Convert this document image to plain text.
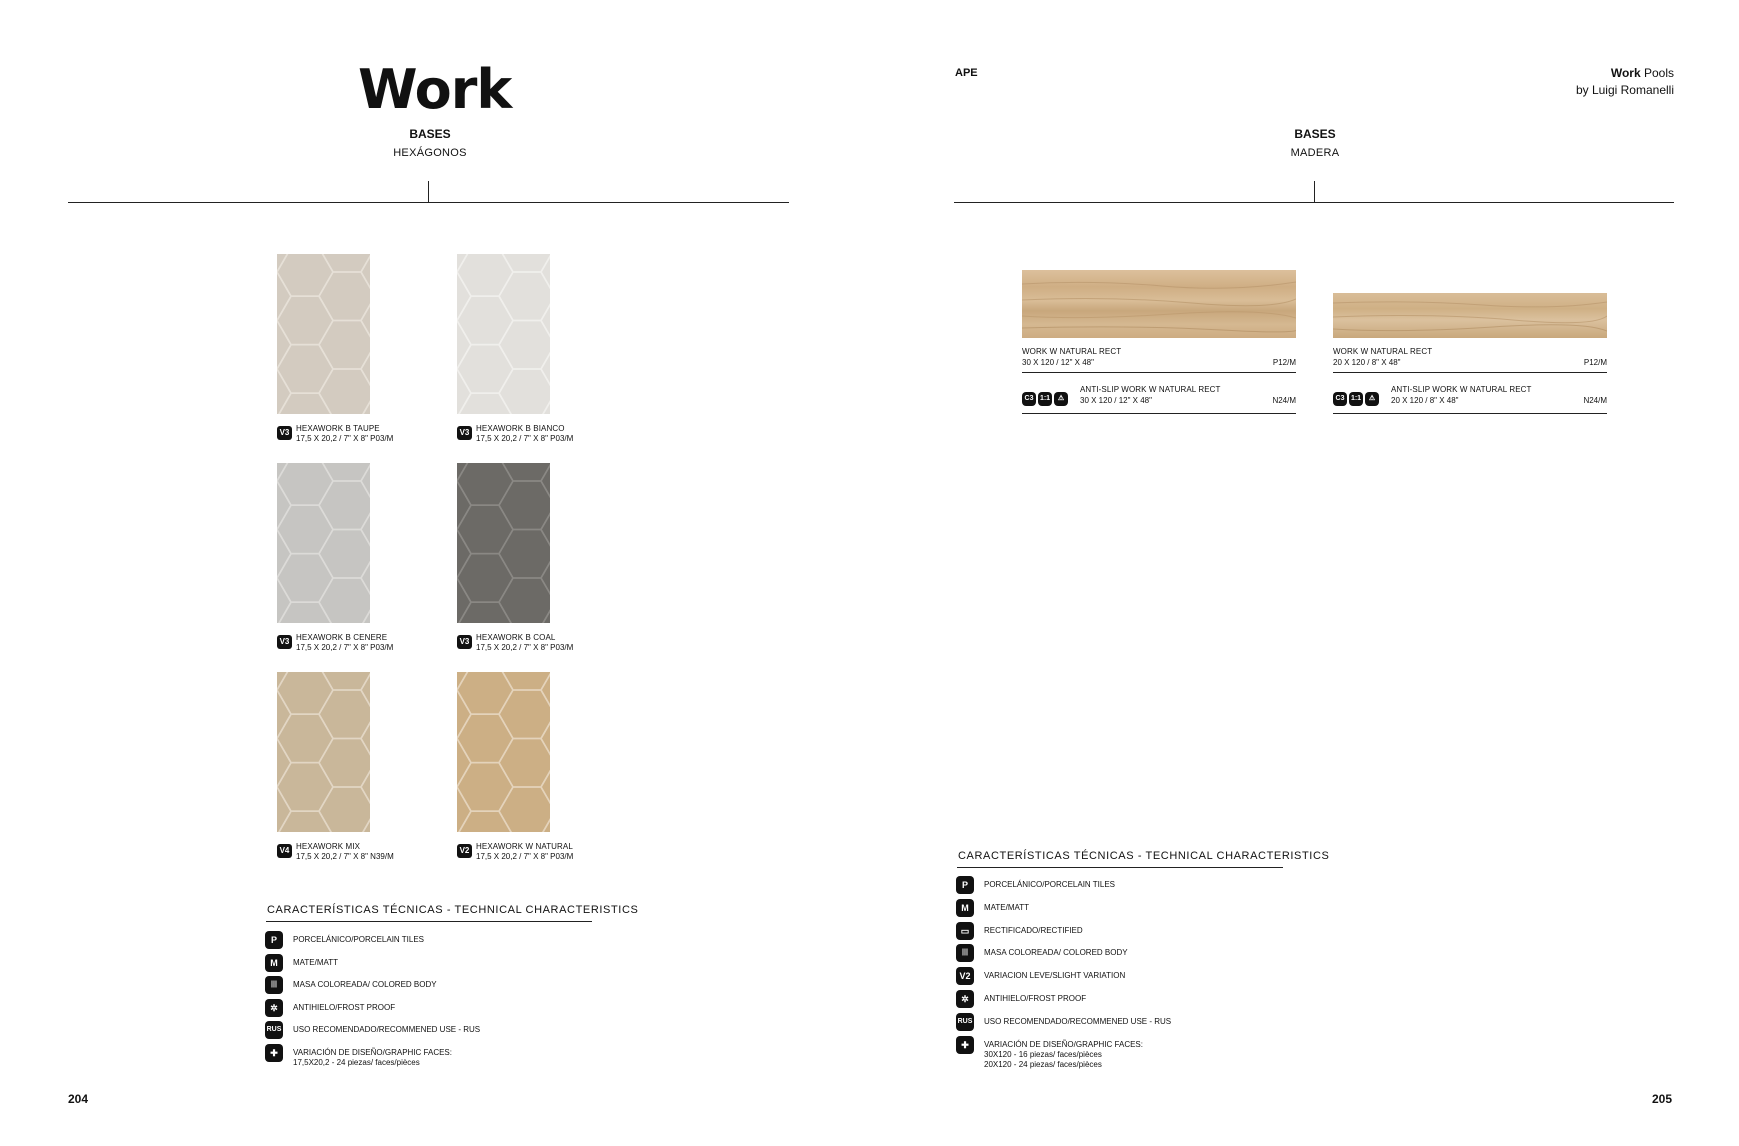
Work
BASES
HEXÁGONOS
V3 HEXAWORK B TAUPE
17,5 X 20,2 / 7" X 8" P03/M
V3 HEXAWORK B BIANCO
17,5 X 20,2 / 7" X 8" P03/M
V3 HEXAWORK B CENERE
17,5 X 20,2 / 7" X 8" P03/M
V3 HEXAWORK B COAL
17,5 X 20,2 / 7" X 8" P03/M
V4 HEXAWORK MIX
17,5 X 20,2 / 7" X 8" N39/M
V2 HEXAWORK W NATURAL
17,5 X 20,2 / 7" X 8" P03/M
CARACTERÍSTICAS TÉCNICAS - TECHNICAL CHARACTERISTICS
P	PORCELÁNICO/PORCELAIN TILES
M	MATE/MATT
|||	MASA COLOREADA/ COLORED BODY
✲	ANTIHIELO/FROST PROOF
RUS USO RECOMENDADO/RECOMMENED USE - RUS
✚	VARIACIÓN DE DISEÑO/GRAPHIC FACES:
17,5X20,2 - 24 piezas/ faces/pièces
204
APE	Work Pools
by Luigi Romanelli
BASES
MADERA
WORK W NATURAL RECT
30 X 120 / 12" X 48"	P12/M
C3 1:1 ⚠
ANTI-SLIP WORK W NATURAL RECT
30 X 120 / 12" X 48"	N24/M
WORK W NATURAL RECT
20 X 120 / 8" X 48"	P12/M
C3 1:1 ⚠
ANTI-SLIP WORK W NATURAL RECT
20 X 120 / 8" X 48"	N24/M
CARACTERÍSTICAS TÉCNICAS - TECHNICAL CHARACTERISTICS
P	PORCELÁNICO/PORCELAIN TILES
M	MATE/MATT
▭	RECTIFICADO/RECTIFIED
|||	MASA COLOREADA/ COLORED BODY
V2	VARIACION LEVE/SLIGHT VARIATION
✲	ANTIHIELO/FROST PROOF
RUS USO RECOMENDADO/RECOMMENED USE - RUS
✚	VARIACIÓN DE DISEÑO/GRAPHIC FACES:
30X120 - 16 piezas/ faces/pièces
20X120 - 24 piezas/ faces/pièces
205
